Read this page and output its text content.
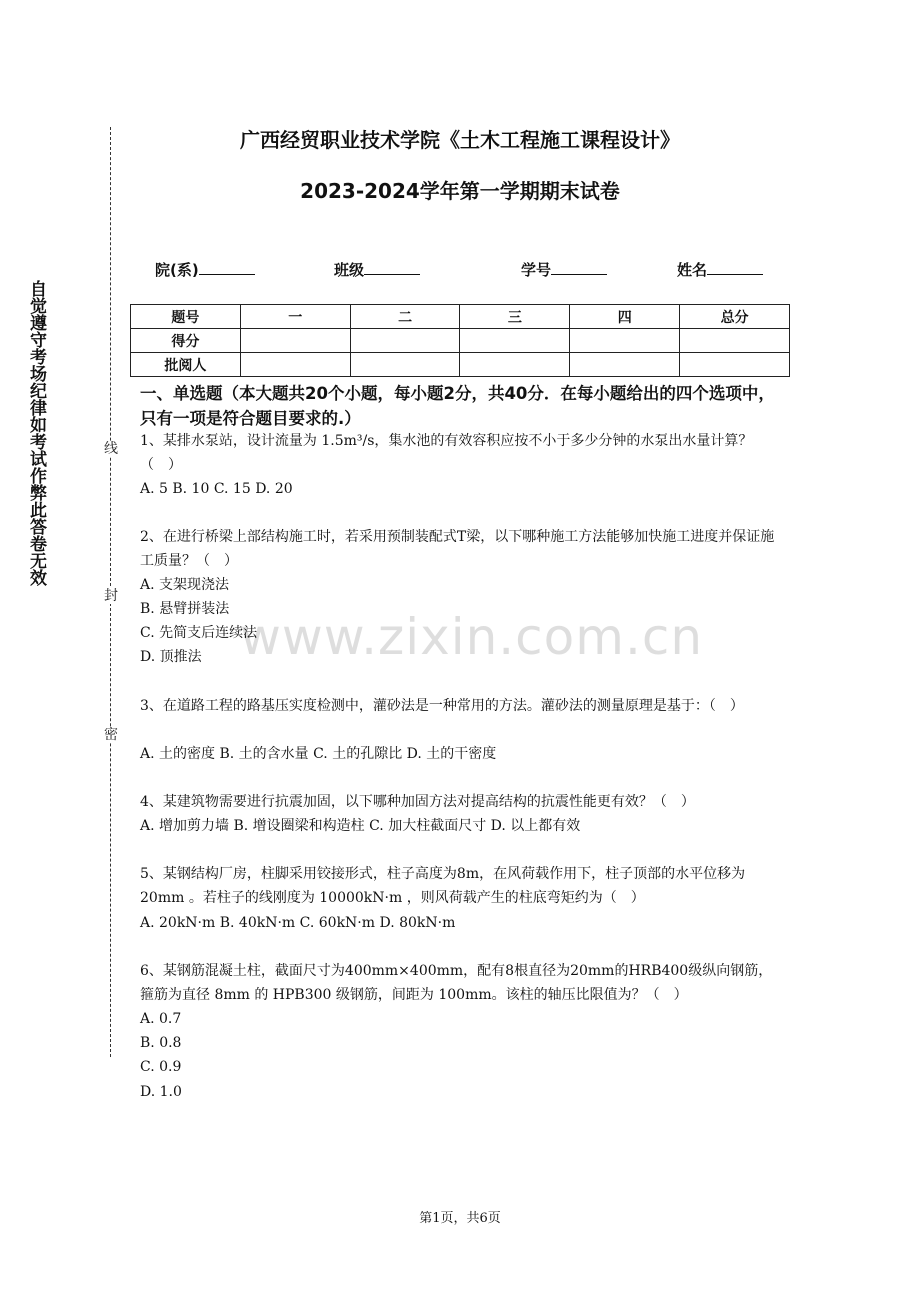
广西经贸职业技术学院《土木工程施工课程设计》
2023-2024学年第一学期期末试卷
自觉遵守考场纪律如考试作弊此答卷无效	线
封
密
院(系)	班级	学号	姓名
题号	一	二	三	四	总分
得分					
批阅人					
一、单选题（本大题共20个小题，每小题2分，共40分．在每小题给出的四个选项中，只有一项是符合题目要求的.）
www.zixin.com.cn
1、某排水泵站，设计流量为 1.5m³/s，集水池的有效容积应按不小于多少分钟的水泵出水量计算？（　）
A. 5 B. 10 C. 15 D. 20
2、在进行桥梁上部结构施工时，若采用预制装配式T梁，以下哪种施工方法能够加快施工进度并保证施工质量？（　）
A. 支架现浇法
B. 悬臂拼装法
C. 先简支后连续法
D. 顶推法
3、在道路工程的路基压实度检测中，灌砂法是一种常用的方法。灌砂法的测量原理是基于：（　）
A. 土的密度 B. 土的含水量 C. 土的孔隙比 D. 土的干密度
4、某建筑物需要进行抗震加固，以下哪种加固方法对提高结构的抗震性能更有效？（　）
A. 增加剪力墙 B. 增设圈梁和构造柱 C. 加大柱截面尺寸 D. 以上都有效
5、某钢结构厂房，柱脚采用铰接形式，柱子高度为8m，在风荷载作用下，柱子顶部的水平位移为 20mm 。若柱子的线刚度为 10000kN·m ，则风荷载产生的柱底弯矩约为（　）
A. 20kN·m B. 40kN·m C. 60kN·m D. 80kN·m
6、某钢筋混凝土柱，截面尺寸为400mm×400mm，配有8根直径为20mm的HRB400级纵向钢筋，箍筋为直径 8mm 的 HPB300 级钢筋，间距为 100mm。该柱的轴压比限值为？（　）
A. 0.7
B. 0.8
C. 0.9
D. 1.0
第1页，共6页
